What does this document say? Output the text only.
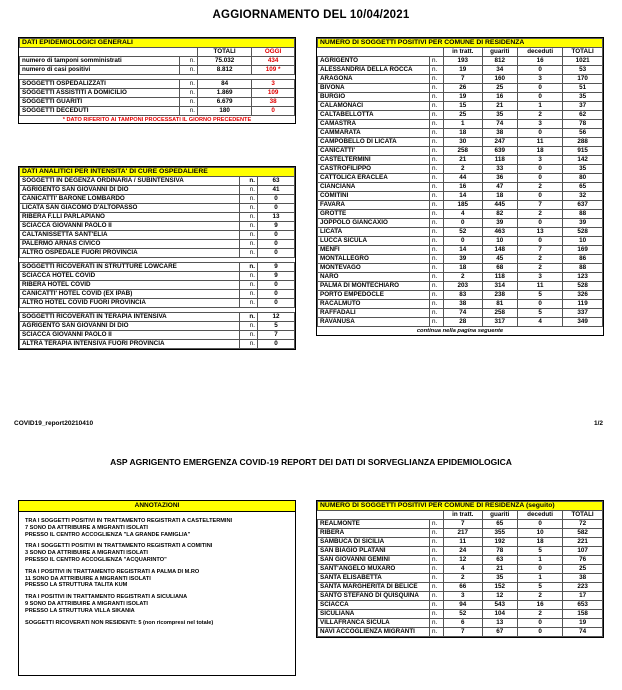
AGGIORNAMENTO DEL 10/04/2021
DATI EPIDEMIOLOGICI GENERALI			
		TOTALI	OGGI
numero di tamponi somministrati	n.	75.032	434
numero di casi positivi	n.	8.812	109 *

SOGGETTI OSPEDALIZZATI	n.	84	3
SOGGETTI ASSISTITI A DOMICILIO	n.	1.869	109
SOGGETTI GUARITI	n.	6.679	38
SOGGETTI DECEDUTI	n.	180	0
* DATO RIFERITO AI TAMPONI PROCESSATI IL GIORNO PRECEDENTE
DATI ANALITICI PER INTENSITA' DI CURE OSPEDALIERE		
SOGGETTI IN DEGENZA ORDINARIA / SUBINTENSIVA	n.	63
AGRIGENTO SAN GIOVANNI DI DIO	n.	41
CANICATTI' BARONE LOMBARDO	n.	0
LICATA SAN GIACOMO D'ALTOPASSO	n.	0
RIBERA F.LLI PARLAPIANO	n.	13
SCIACCA GIOVANNI PAOLO II	n.	9
CALTANISSETTA SANT'ELIA	n.	0
PALERMO ARNAS CIVICO	n.	0
ALTRO OSPEDALE FUORI PROVINCIA	n.	0

SOGGETTI RICOVERATI IN STRUTTURE LOWCARE	n.	9
SCIACCA HOTEL COVID	n.	9
RIBERA HOTEL COVID	n.	0
CANICATTI' HOTEL COVID (EX IPAB)	n.	0
ALTRO HOTEL COVID FUORI PROVINCIA	n.	0

SOGGETTI RICOVERATI IN TERAPIA INTENSIVA	n.	12
AGRIGENTO SAN GIOVANNI DI DIO	n.	5
SCIACCA GIOVANNI PAOLO II	n.	7
ALTRA TERAPIA INTENSIVA FUORI PROVINCIA	n.	0
NUMERO DI SOGGETTI POSITIVI PER COMUNE DI RESIDENZA					
		in tratt.	guariti	deceduti	TOTALI
AGRIGENTO	n.	193	812	16	1021
ALESSANDRIA DELLA ROCCA	n.	19	34	0	53
ARAGONA	n.	7	160	3	170
BIVONA	n.	26	25	0	51
BURGIO	n.	19	16	0	35
CALAMONACI	n.	15	21	1	37
CALTABELLOTTA	n.	25	35	2	62
CAMASTRA	n.	1	74	3	78
CAMMARATA	n.	18	38	0	56
CAMPOBELLO DI LICATA	n.	30	247	11	288
CANICATTI'	n.	258	639	18	915
CASTELTERMINI	n.	21	118	3	142
CASTROFILIPPO	n.	2	33	0	35
CATTOLICA ERACLEA	n.	44	36	0	80
CIANCIANA	n.	16	47	2	65
COMITINI	n.	14	18	0	32
FAVARA	n.	185	445	7	637
GROTTE	n.	4	82	2	88
JOPPOLO GIANCAXIO	n.	0	39	0	39
LICATA	n.	52	463	13	528
LUCCA SICULA	n.	0	10	0	10
MENFI	n.	14	148	7	169
MONTALLEGRO	n.	39	45	2	86
MONTEVAGO	n.	18	68	2	88
NARO	n.	2	118	3	123
PALMA DI MONTECHIARO	n.	203	314	11	528
PORTO EMPEDOCLE	n.	83	238	5	326
RACALMUTO	n.	38	81	0	119
RAFFADALI	n.	74	258	5	337
RAVANUSA	n.	28	317	4	349
continua nella pagina seguente
COVID19_report20210410	1/2
ASP AGRIGENTO EMERGENZA COVID-19 REPORT DEI DATI DI SORVEGLIANZA EPIDEMIOLOGICA
ANNOTAZIONI

TRA I SOGGETTI POSITIVI IN TRATTAMENTO REGISTRATI A CASTELTERMINI
7 SONO DA ATTRIBUIRE A MIGRANTI ISOLATI
PRESSO IL CENTRO ACCOGLIENZA "LA GRANDE FAMIGLIA"

TRA I SOGGETTI POSITIVI IN TRATTAMENTO REGISTRATI A COMITINI
3 SONO DA ATTRIBUIRE A MIGRANTI ISOLATI
PRESSO IL CENTRO ACCOGLIENZA "ACQUARINTO"

TRA I POSITIVI IN TRATTAMENTO REGISTRATI A PALMA DI M.RO
11 SONO DA ATTRIBUIRE A MIGRANTI ISOLATI
PRESSO LA STRUTTURA TALITA KUM

TRA I POSITIVI IN TRATTAMENTO REGISTRATI A SICULIANA
9 SONO DA ATTRIBUIRE A MIGRANTI ISOLATI
PRESSO LA STRUTTURA VILLA SIKANIA

SOGGETTI RICOVERATI NON RESIDENTI: 5 (non ricompresi nel totale)

NUMERO DI SOGGETTI POSITIVI PER COMUNE DI RESIDENZA (seguito)					
		in tratt.	guariti	deceduti	TOTALI
REALMONTE	n.	7	65	0	72
RIBERA	n.	217	355	10	582
SAMBUCA DI SICILIA	n.	11	192	18	221
SAN BIAGIO PLATANI	n.	24	78	5	107
SAN GIOVANNI GEMINI	n.	12	63	1	76
SANT'ANGELO MUXARO	n.	4	21	0	25
SANTA ELISABETTA	n.	2	35	1	38
SANTA MARGHERITA DI BELICE	n.	66	152	5	223
SANTO STEFANO DI QUISQUINA	n.	3	12	2	17
SCIACCA	n.	94	543	16	653
SICULIANA	n.	52	104	2	158
VILLAFRANCA SICULA	n.	6	13	0	19
NAVI ACCOGLIENZA MIGRANTI	n.	7	67	0	74
